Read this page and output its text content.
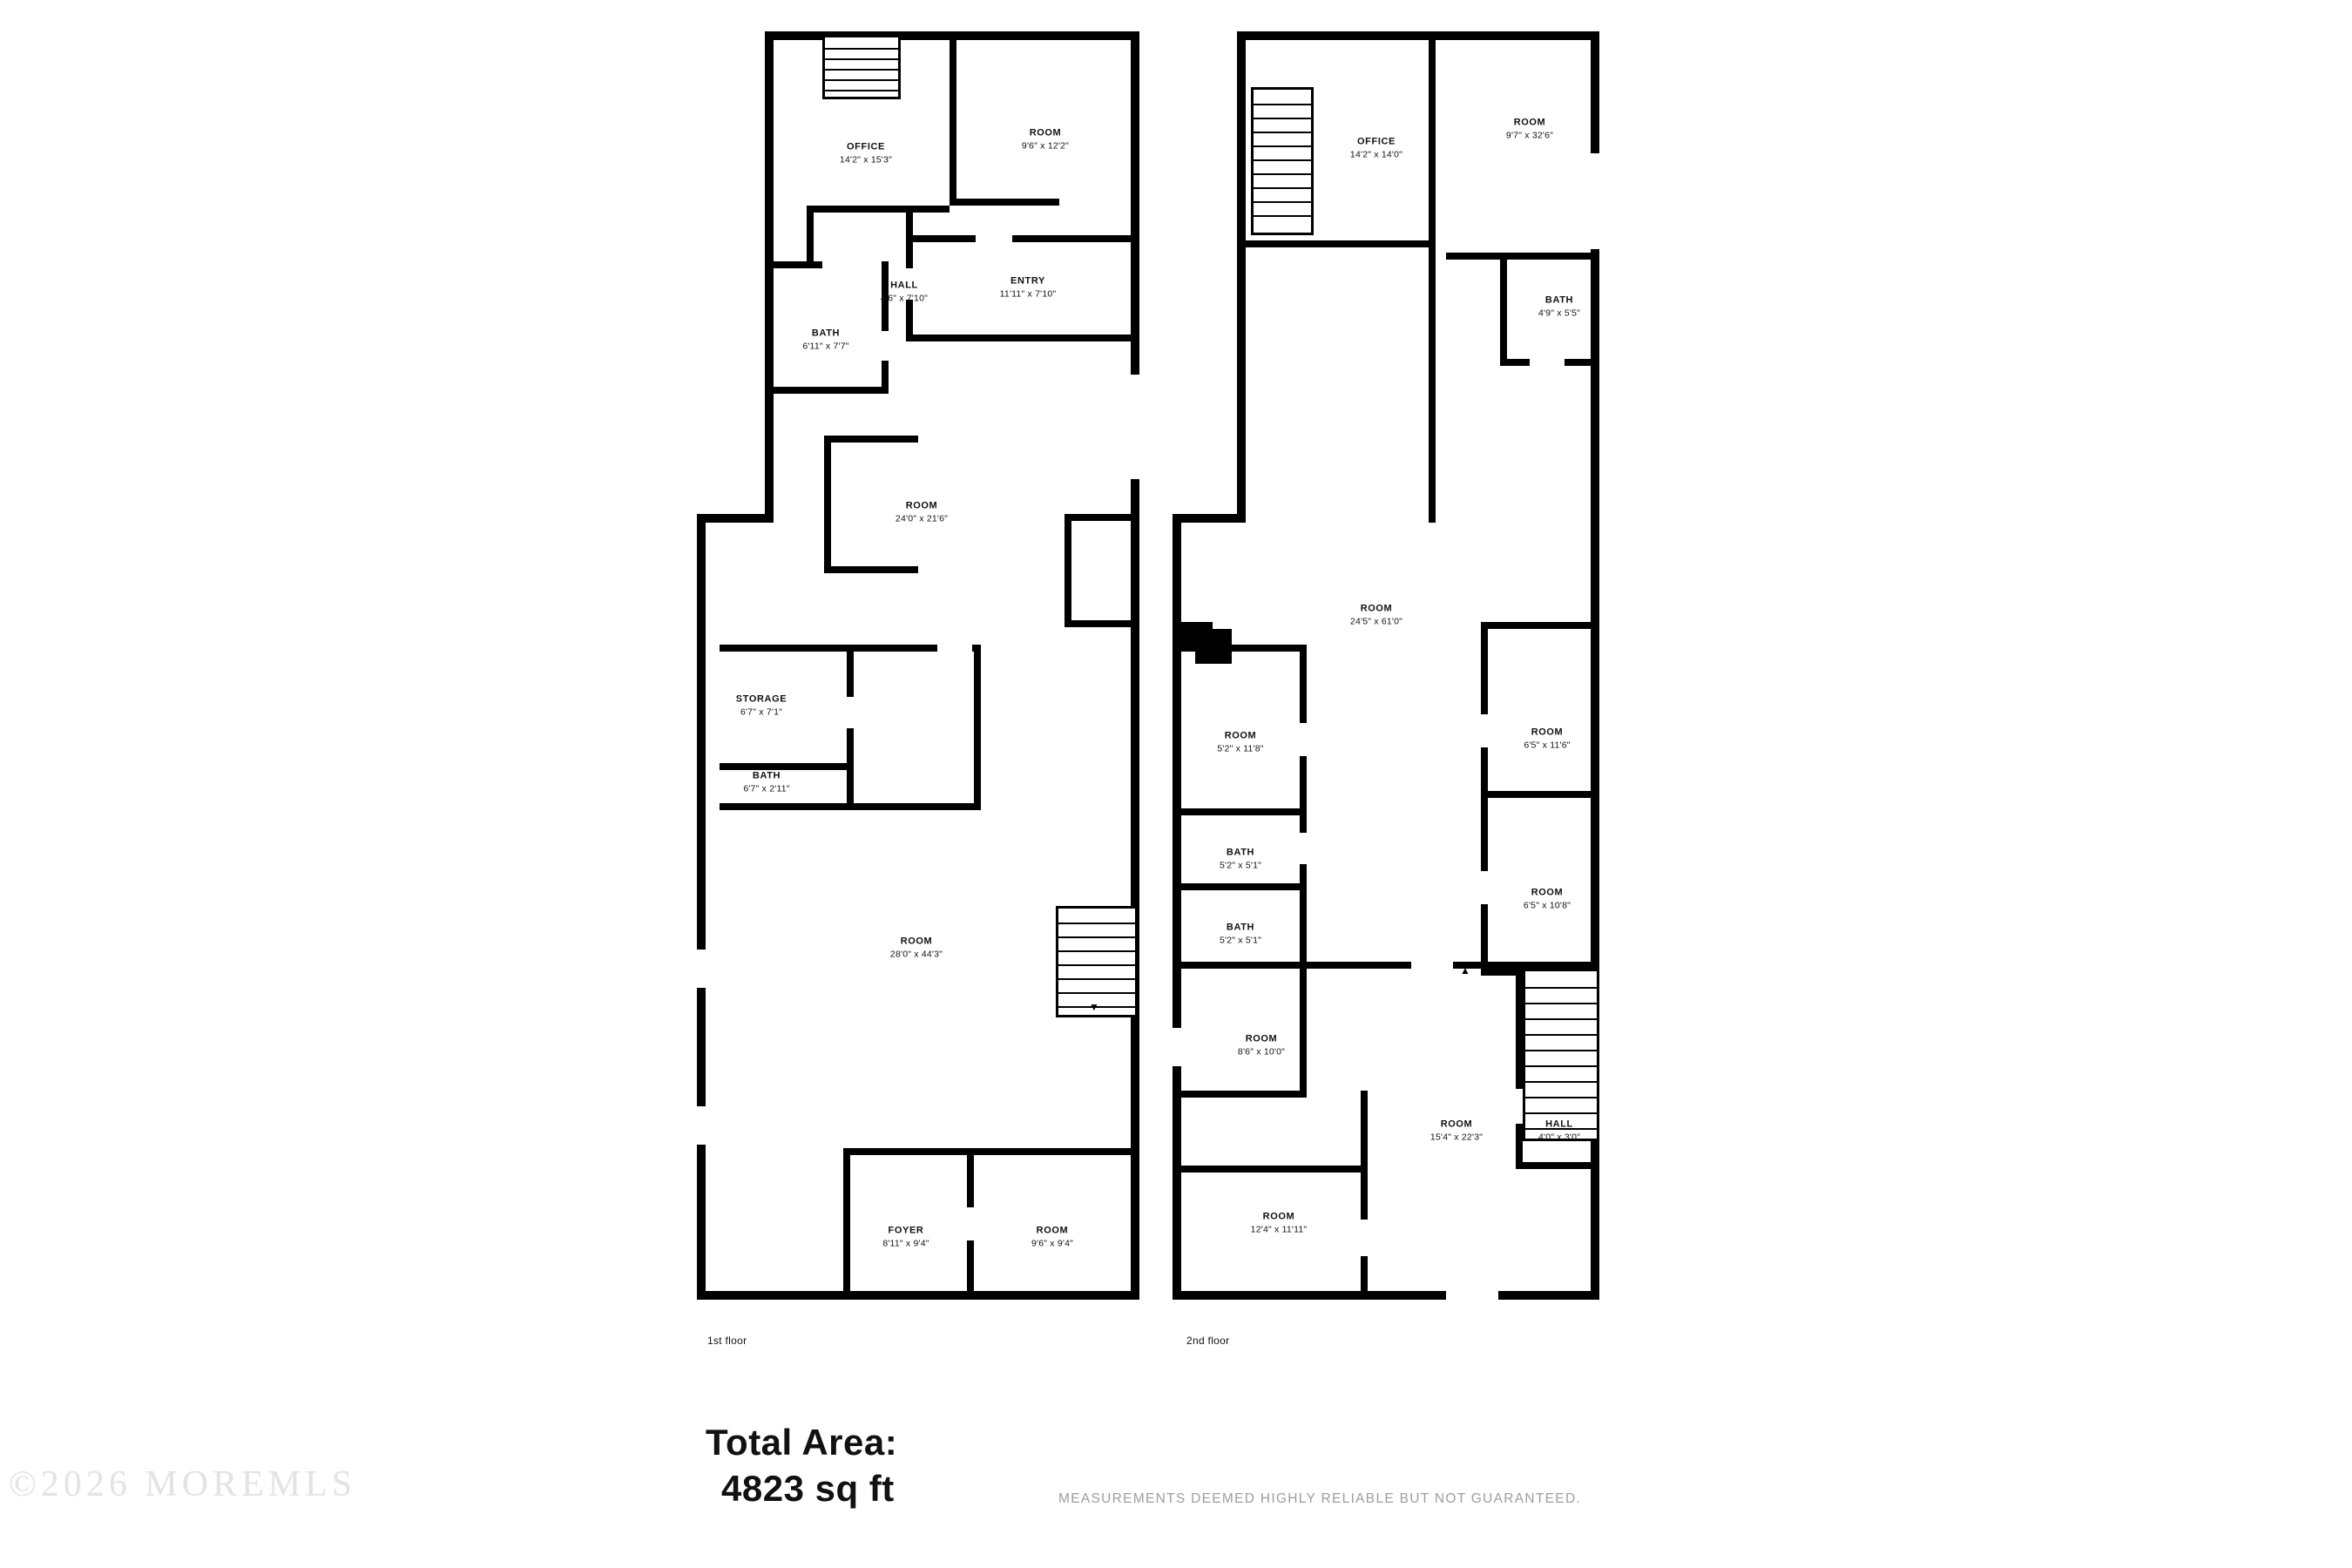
▼
OFFICE
14'2" x 15'3"
ROOM
9'6" x 12'2"
HALL
4'6" x 7'10"
ENTRY
11'11" x 7'10"
BATH
6'11" x 7'7"
ROOM
24'0" x 21'6"
STORAGE
6'7" x 7'1"
BATH
6'7" x 2'11"
ROOM
28'0" x 44'3"
FOYER
8'11" x 9'4"
ROOM
9'6" x 9'4"
1st floor
▲
OFFICE
14'2" x 14'0"
ROOM
9'7" x 32'6"
BATH
4'9" x 5'5"
ROOM
24'5" x 61'0"
ROOM
5'2" x 11'8"
ROOM
6'5" x 11'6"
BATH
5'2" x 5'1"
ROOM
6'5" x 10'8"
BATH
5'2" x 5'1"
ROOM
8'6" x 10'0"
ROOM
15'4" x 22'3"
HALL
4'0" x 3'0"
ROOM
12'4" x 11'11"
2nd floor
Total Area:
4823 sq ft	MEASUREMENTS DEEMED HIGHLY RELIABLE BUT NOT GUARANTEED.
©2026 MOREMLS
